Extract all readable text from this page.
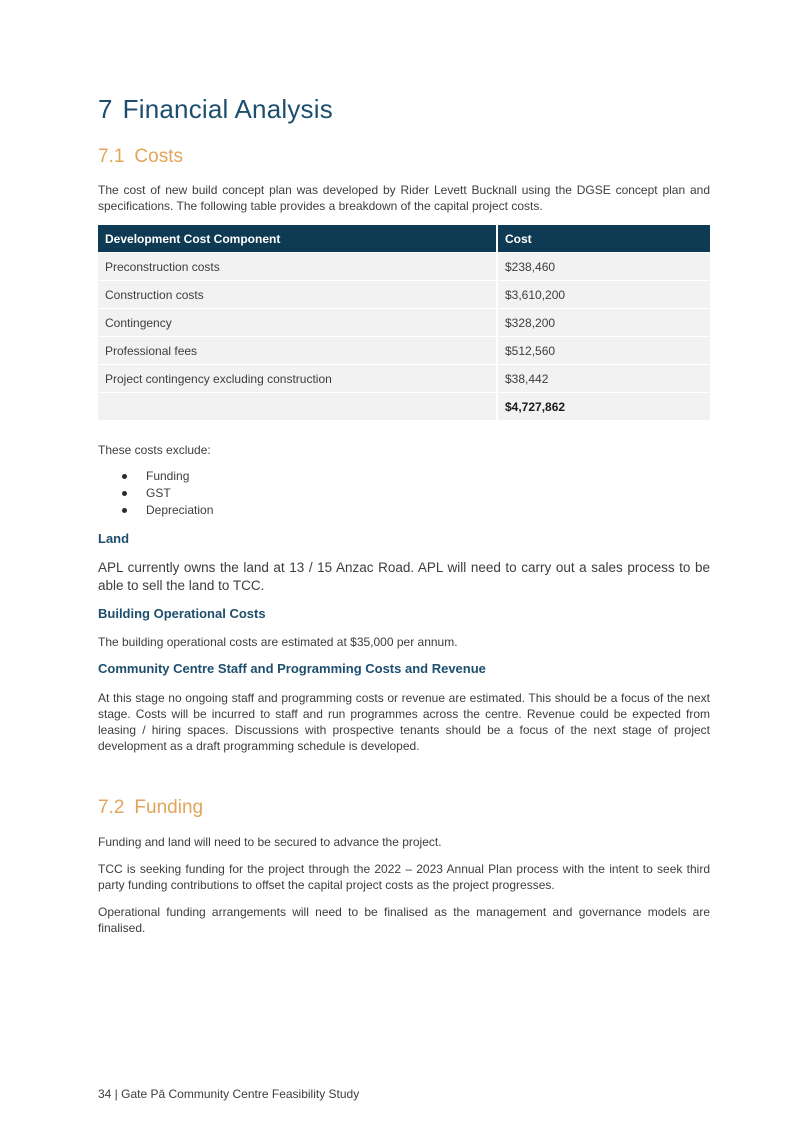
7 Financial Analysis
7.1 Costs

The cost of new build concept plan was developed by Rider Levett Bucknall using the DGSE concept plan and specifications. The following table provides a breakdown of the capital project costs.

Development Cost Component	Cost
Preconstruction costs	$238,460
Construction costs	$3,610,200
Contingency	$328,200
Professional fees	$512,560
Project contingency excluding construction	$38,442
	$4,727,862

These costs exclude:

Funding
GST
Depreciation
Land

APL currently owns the land at 13 / 15 Anzac Road. APL will need to carry out a sales process to be able to sell the land to TCC.

Building Operational Costs

The building operational costs are estimated at $35,000 per annum.

Community Centre Staff and Programming Costs and Revenue

At this stage no ongoing staff and programming costs or revenue are estimated. This should be a focus of the next stage. Costs will be incurred to staff and run programmes across the centre. Revenue could be expected from leasing / hiring spaces. Discussions with prospective tenants should be a focus of the next stage of project development as a draft programming schedule is developed.

7.2 Funding

Funding and land will need to be secured to advance the project.

TCC is seeking funding for the project through the 2022 – 2023 Annual Plan process with the intent to seek third party funding contributions to offset the capital project costs as the project progresses.

Operational funding arrangements will need to be finalised as the management and governance models are finalised.

34 | Gate Pā Community Centre Feasibility Study
